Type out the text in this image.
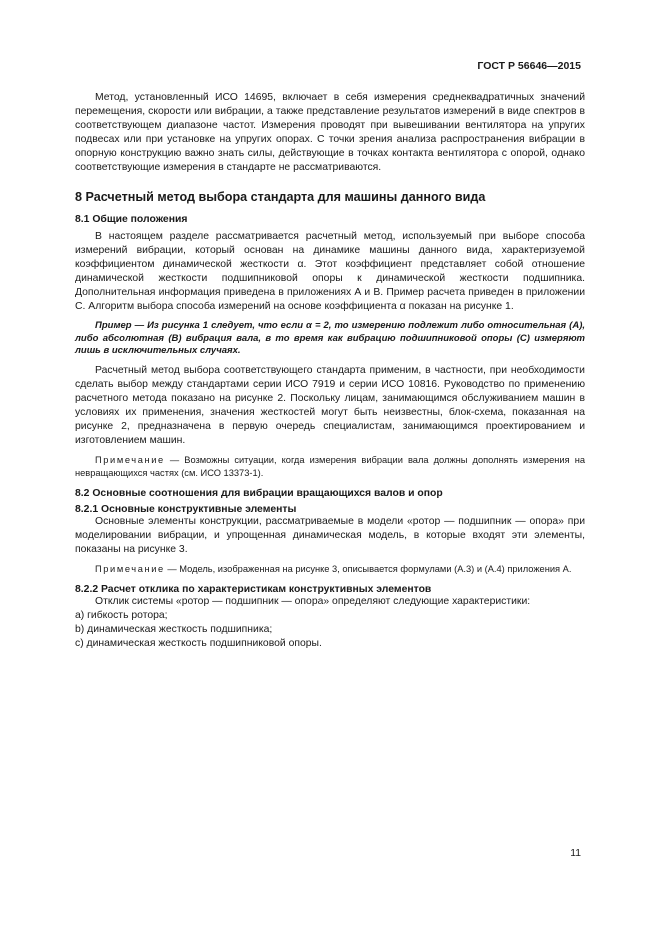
ГОСТ Р 56646—2015

Метод, установленный ИСО 14695, включает в себя измерения среднеквадратичных значений перемещения, скорости или вибрации, а также представление результатов измерений в виде спектров в соответствующем диапазоне частот. Измерения проводят при вывешивании вентилятора на упругих подвесах или при установке на упругих опорах. С точки зрения анализа распространения вибрации в опорную конструкцию важно знать силы, действующие в точках контакта вентилятора с опорой, однако соответствующие измерения в стандарте не рассматриваются.

8 Расчетный метод выбора стандарта для машины данного вида

8.1 Общие положения

В настоящем разделе рассматривается расчетный метод, используемый при выборе способа измерений вибрации, который основан на динамике машины данного вида, характеризуемой коэффициентом динамической жесткости α. Этот коэффициент представляет собой отношение динамической жесткости подшипниковой опоры к динамической жесткости подшипника. Дополнительная информация приведена в приложениях А и В. Пример расчета приведен в приложении С. Алгоритм выбора способа измерений на основе коэффициента α показан на рисунке 1.

Пример — Из рисунка 1 следует, что если α = 2, то измерению подлежит либо относительная (А), либо абсолютная (В) вибрация вала, в то время как вибрацию подшипниковой опоры (С) измеряют лишь в исключительных случаях.

Расчетный метод выбора соответствующего стандарта применим, в частности, при необходимости сделать выбор между стандартами серии ИСО 7919 и серии ИСО 10816. Руководство по применению расчетного метода показано на рисунке 2. Поскольку лицам, занимающимся обслуживанием машин в условиях их применения, значения жесткостей могут быть неизвестны, блок-схема, показанная на рисунке 2, предназначена в первую очередь специалистам, занимающимся проектированием и изготовлением машин.

Примечание — Возможны ситуации, когда измерения вибрации вала должны дополнять измерения на невращающихся частях (см. ИСО 13373-1).

8.2 Основные соотношения для вибрации вращающихся валов и опор

8.2.1 Основные конструктивные элементы

Основные элементы конструкции, рассматриваемые в модели «ротор — подшипник — опора» при моделировании вибрации, и упрощенная динамическая модель, в которые входят эти элементы, показаны на рисунке 3.

Примечание — Модель, изображенная на рисунке 3, описывается формулами (А.3) и (А.4) приложения А.

8.2.2 Расчет отклика по характеристикам конструктивных элементов

Отклик системы «ротор — подшипник — опора» определяют следующие характеристики:

a) гибкость ротора;

b) динамическая жесткость подшипника;

c) динамическая жесткость подшипниковой опоры.

11
